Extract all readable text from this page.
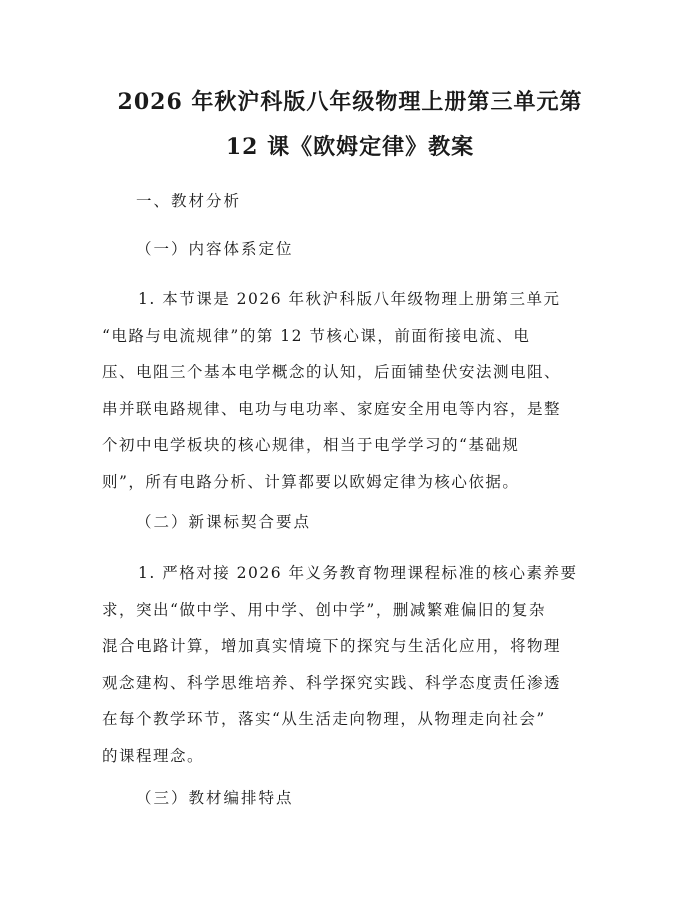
2026 年秋沪科版八年级物理上册第三单元第
12 课《欧姆定律》教案

一、教材分析

（一）内容体系定位

1. 本节课是 2026 年秋沪科版八年级物理上册第三单元
“电路与电流规律”的第 12 节核心课，前面衔接电流、电
压、电阻三个基本电学概念的认知，后面铺垫伏安法测电阻、
串并联电路规律、电功与电功率、家庭安全用电等内容，是整
个初中电学板块的核心规律，相当于电学学习的“基础规
则”，所有电路分析、计算都要以欧姆定律为核心依据。

（二）新课标契合要点

1. 严格对接 2026 年义务教育物理课程标准的核心素养要
求，突出“做中学、用中学、创中学”，删减繁难偏旧的复杂
混合电路计算，增加真实情境下的探究与生活化应用，将物理
观念建构、科学思维培养、科学探究实践、科学态度责任渗透
在每个教学环节，落实“从生活走向物理，从物理走向社会”
的课程理念。

（三）教材编排特点
